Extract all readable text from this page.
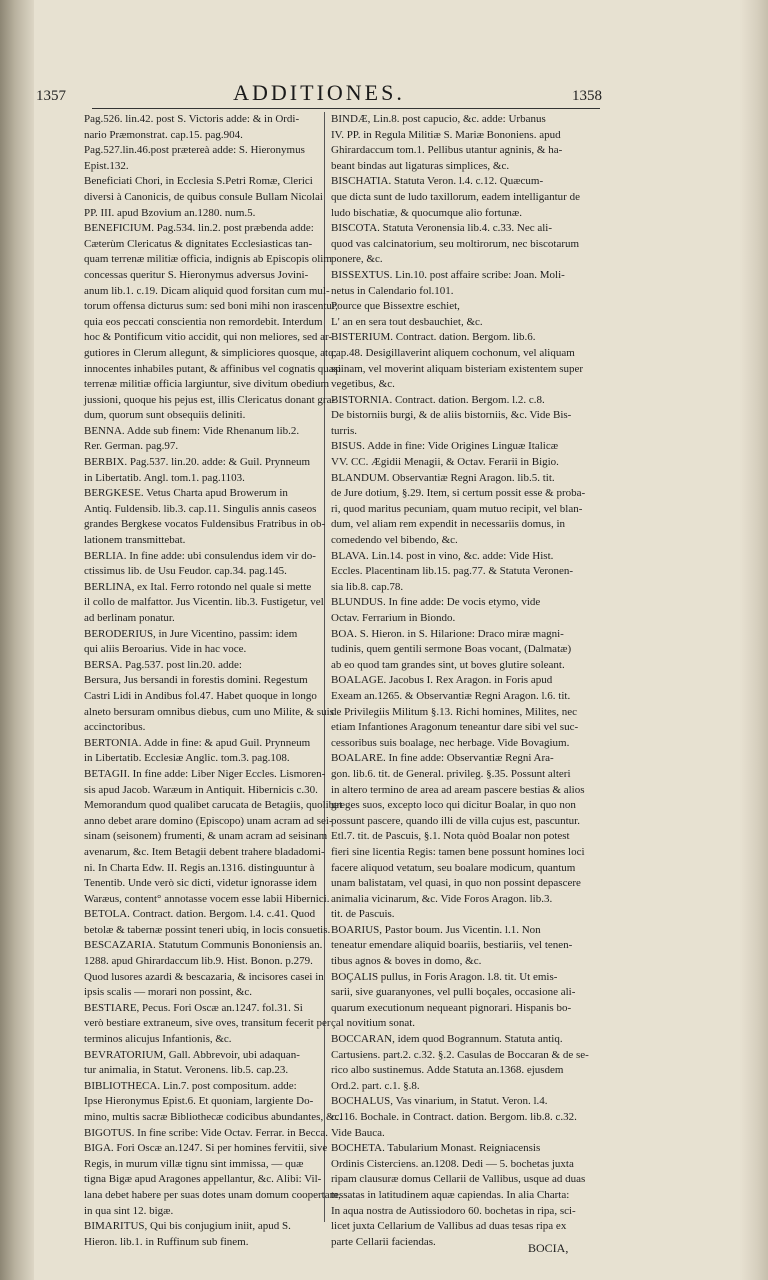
1357	ADDITIONES.	1358
Pag.526. lin.42. post S. Victoris adde: & in Ordi-
nario Præmonstrat. cap.15. pag.904.
Pag.527.lin.46.post prætereà adde: S. Hieronymus
Epist.132.
Beneficiati Chori, in Ecclesia S.Petri Romæ, Clerici
diversi à Canonicis, de quibus consule Bullam Nicolai
PP. III. apud Bzovium an.1280. num.5.
BENEFICIUM. Pag.534. lin.2. post præbenda adde:
Cæterùm Clericatus & dignitates Ecclesiasticas tan-
quam terrenæ militiæ officia, indignis ab Episcopis olim
concessas queritur S. Hieronymus adversus Jovini-
anum lib.1. c.19. Dicam aliquid quod forsitan cum mul-
torum offensa dicturus sum: sed boni mihi non irascentur,
quia eos peccati conscientia non remordebit. Interdum
hoc & Pontificum vitio accidit, qui non meliores, sed ar-
gutiores in Clerum allegunt, & simpliciores quosque, atq;
innocentes inhabiles putant, & affinibus vel cognatis quasi
terrenæ militiæ officia largiuntur, sive divitum obedium
jussioni, quoque his pejus est, illis Clericatus donant gra-
dum, quorum sunt obsequiis deliniti.
BENNA. Adde sub finem: Vide Rhenanum lib.2.
Rer. German. pag.97.
BERBIX. Pag.537. lin.20. adde: & Guil. Prynneum
in Libertatib. Angl. tom.1. pag.1103.
BERGKESE. Vetus Charta apud Browerum in
Antiq. Fuldensib. lib.3. cap.11. Singulis annis caseos
grandes Bergkese vocatos Fuldensibus Fratribus in ob-
lationem transmittebat.
BERLIA. In fine adde: ubi consulendus idem vir do-
ctissimus lib. de Usu Feudor. cap.34. pag.145.
BERLINA, ex Ital. Ferro rotondo nel quale si mette
il collo de malfattor. Jus Vicentin. lib.3. Fustigetur, vel
ad berlinam ponatur.
BERODERIUS, in Jure Vicentino, passim: idem
qui aliis Beroarius. Vide in hac voce.
BERSA. Pag.537. post lin.20. adde:
Bersura, Jus bersandi in forestis domini. Regestum
Castri Lidi in Andibus fol.47. Habet quoque in longo
alneto bersuram omnibus diebus, cum uno Milite, & suis
accinctoribus.
BERTONIA. Adde in fine: & apud Guil. Prynneum
in Libertatib. Ecclesiæ Anglic. tom.3. pag.108.
BETAGII. In fine adde: Liber Niger Eccles. Lismoren-
sis apud Jacob. Waræum in Antiquit. Hibernicis c.30.
Memorandum quod qualibet carucata de Betagiis, quolibet
anno debet arare domino (Episcopo) unam acram ad sei-
sinam (seisonem) frumenti, & unam acram ad seisinam
avenarum, &c. Item Betagii debent trahere bladadomi-
ni. In Charta Edw. II. Regis an.1316. distinguuntur à
Tenentib. Unde verò sic dicti, videtur ignorasse idem
Waræus, content° annotasse vocem esse labii Hibernici.
BETOLA. Contract. dation. Bergom. l.4. c.41. Quod
betolæ & tabernæ possint teneri ubiq, in locis consuetis.
BESCAZARIA. Statutum Communis Bononiensis an.
1288. apud Ghirardaccum lib.9. Hist. Bonon. p.279.
Quod lusores azardi & bescazaria, & incisores casei in
ipsis scalis — morari non possint, &c.
BESTIARE, Pecus. Fori Oscæ an.1247. fol.31. Si
verò bestiare extraneum, sive oves, transitum fecerit per
terminos alicujus Infantionis, &c.
BEVRATORIUM, Gall. Abbrevoir, ubi adaquan-
tur animalia, in Statut. Veronens. lib.5. cap.23.
BIBLIOTHECA. Lin.7. post compositum. adde:
Ipse Hieronymus Epist.6. Et quoniam, largiente Do-
mino, multis sacræ Bibliothecæ codicibus abundantes, &c.
BIGOTUS. In fine scribe: Vide Octav. Ferrar. in Becca.
BIGA. Fori Oscæ an.1247. Si per homines fervitii, sive
Regis, in murum villæ tignu sint immissa, — quæ
tigna Bigæ apud Aragones appellantur, &c. Alibi: Vil-
lana debet habere per suas dotes unam domum coopertam,
in qua sint 12. bigæ.
BIMARITUS, Qui bis conjugium iniit, apud S.
Hieron. lib.1. in Ruffinum sub finem.
BINDÆ, Lin.8. post capucio, &c. adde: Urbanus
IV. PP. in Regula Militiæ S. Mariæ Bononiens. apud
Ghirardaccum tom.1. Pellibus utantur agninis, & ha-
beant bindas aut ligaturas simplices, &c.
BISCHATIA. Statuta Veron. l.4. c.12. Quæcum-
que dicta sunt de ludo taxillorum, eadem intelligantur de
ludo bischatiæ, & quocumque alio fortunæ.
BISCOTA. Statuta Veronensia lib.4. c.33. Nec ali-
quod vas calcinatorium, seu moltirorum, nec biscotarum
ponere, &c.
BISSEXTUS. Lin.10. post affaire scribe: Joan. Moli-
netus in Calendario fol.101.
Pource que Bissextre eschiet,
L' an en sera tout desbauchiet, &c.
BISTERIUM. Contract. dation. Bergom. lib.6.
cap.48. Desigillaverint aliquem cochonum, vel aliquam
spinam, vel moverint aliquam bisteriam existentem super
vegetibus, &c.
BISTORNIA. Contract. dation. Bergom. l.2. c.8.
De bistorniis burgi, & de aliis bistorniis, &c. Vide Bis-
turris.
BISUS. Adde in fine: Vide Origines Linguæ Italicæ
VV. CC. Ægidii Menagii, & Octav. Ferarii in Bigio.
BLANDUM. Observantiæ Regni Aragon. lib.5. tit.
de Jure dotium, §.29. Item, si certum possit esse & proba-
ri, quod maritus pecuniam, quam mutuo recipit, vel blan-
dum, vel aliam rem expendit in necessariis domus, in
comedendo vel bibendo, &c.
BLAVA. Lin.14. post in vino, &c. adde: Vide Hist.
Eccles. Placentinam lib.15. pag.77. & Statuta Veronen-
sia lib.8. cap.78.
BLUNDUS. In fine adde: De vocis etymo, vide
Octav. Ferrarium in Biondo.
BOA. S. Hieron. in S. Hilarione: Draco miræ magni-
tudinis, quem gentili sermone Boas vocant, (Dalmatæ)
ab eo quod tam grandes sint, ut boves glutire soleant.
BOALAGE. Jacobus I. Rex Aragon. in Foris apud
Exeam an.1265. & Observantiæ Regni Aragon. l.6. tit.
de Privilegiis Militum §.13. Richi homines, Milites, nec
etiam Infantiones Aragonum teneantur dare sibi vel suc-
cessoribus suis boalage, nec herbage. Vide Bovagium.
BOALARE. In fine adde: Observantiæ Regni Ara-
gon. lib.6. tit. de General. privileg. §.35. Possunt alteri
in altero termino de area ad aream pascere bestias & alios
greges suos, excepto loco qui dicitur Boalar, in quo non
possunt pascere, quando illi de villa cujus est, pascuntur.
Etl.7. tit. de Pascuis, §.1. Nota quòd Boalar non potest
fieri sine licentia Regis: tamen bene possunt homines loci
facere aliquod vetatum, seu boalare modicum, quantum
unam balistatam, vel quasi, in quo non possint depascere
animalia vicinarum, &c. Vide Foros Aragon. lib.3.
tit. de Pascuis.
BOARIUS, Pastor boum. Jus Vicentin. l.1. Non
teneatur emendare aliquid boariis, bestiariis, vel tenen-
tibus agnos & boves in domo, &c.
BOÇALIS pullus, in Foris Aragon. l.8. tit. Ut emis-
sarii, sive guaranyones, vel pulli boçales, occasione ali-
quarum executionum nequeant pignorari. Hispanis bo-
çal novitium sonat.
BOCCARAN, idem quod Bogrannum. Statuta antiq.
Cartusiens. part.2. c.32. §.2. Casulas de Boccaran & de se-
rico albo sustinemus. Adde Statuta an.1368. ejusdem
Ord.2. part. c.1. §.8.
BOCHALUS, Vas vinarium, in Statut. Veron. l.4.
c.116. Bochale. in Contract. dation. Bergom. lib.8. c.32.
Vide Bauca.
BOCHETA. Tabularium Monast. Reigniacensis
Ordinis Cisterciens. an.1208. Dedi — 5. bochetas juxta
ripam clausuræ domus Cellarii de Vallibus, usque ad duas
tessatas in latitudinem aquæ capiendas. In alia Charta:
In aqua nostra de Autissiodoro 60. bochetas in ripa, sci-
licet juxta Cellarium de Vallibus ad duas tesas ripa ex
parte Cellarii faciendas.	BOCIA,
